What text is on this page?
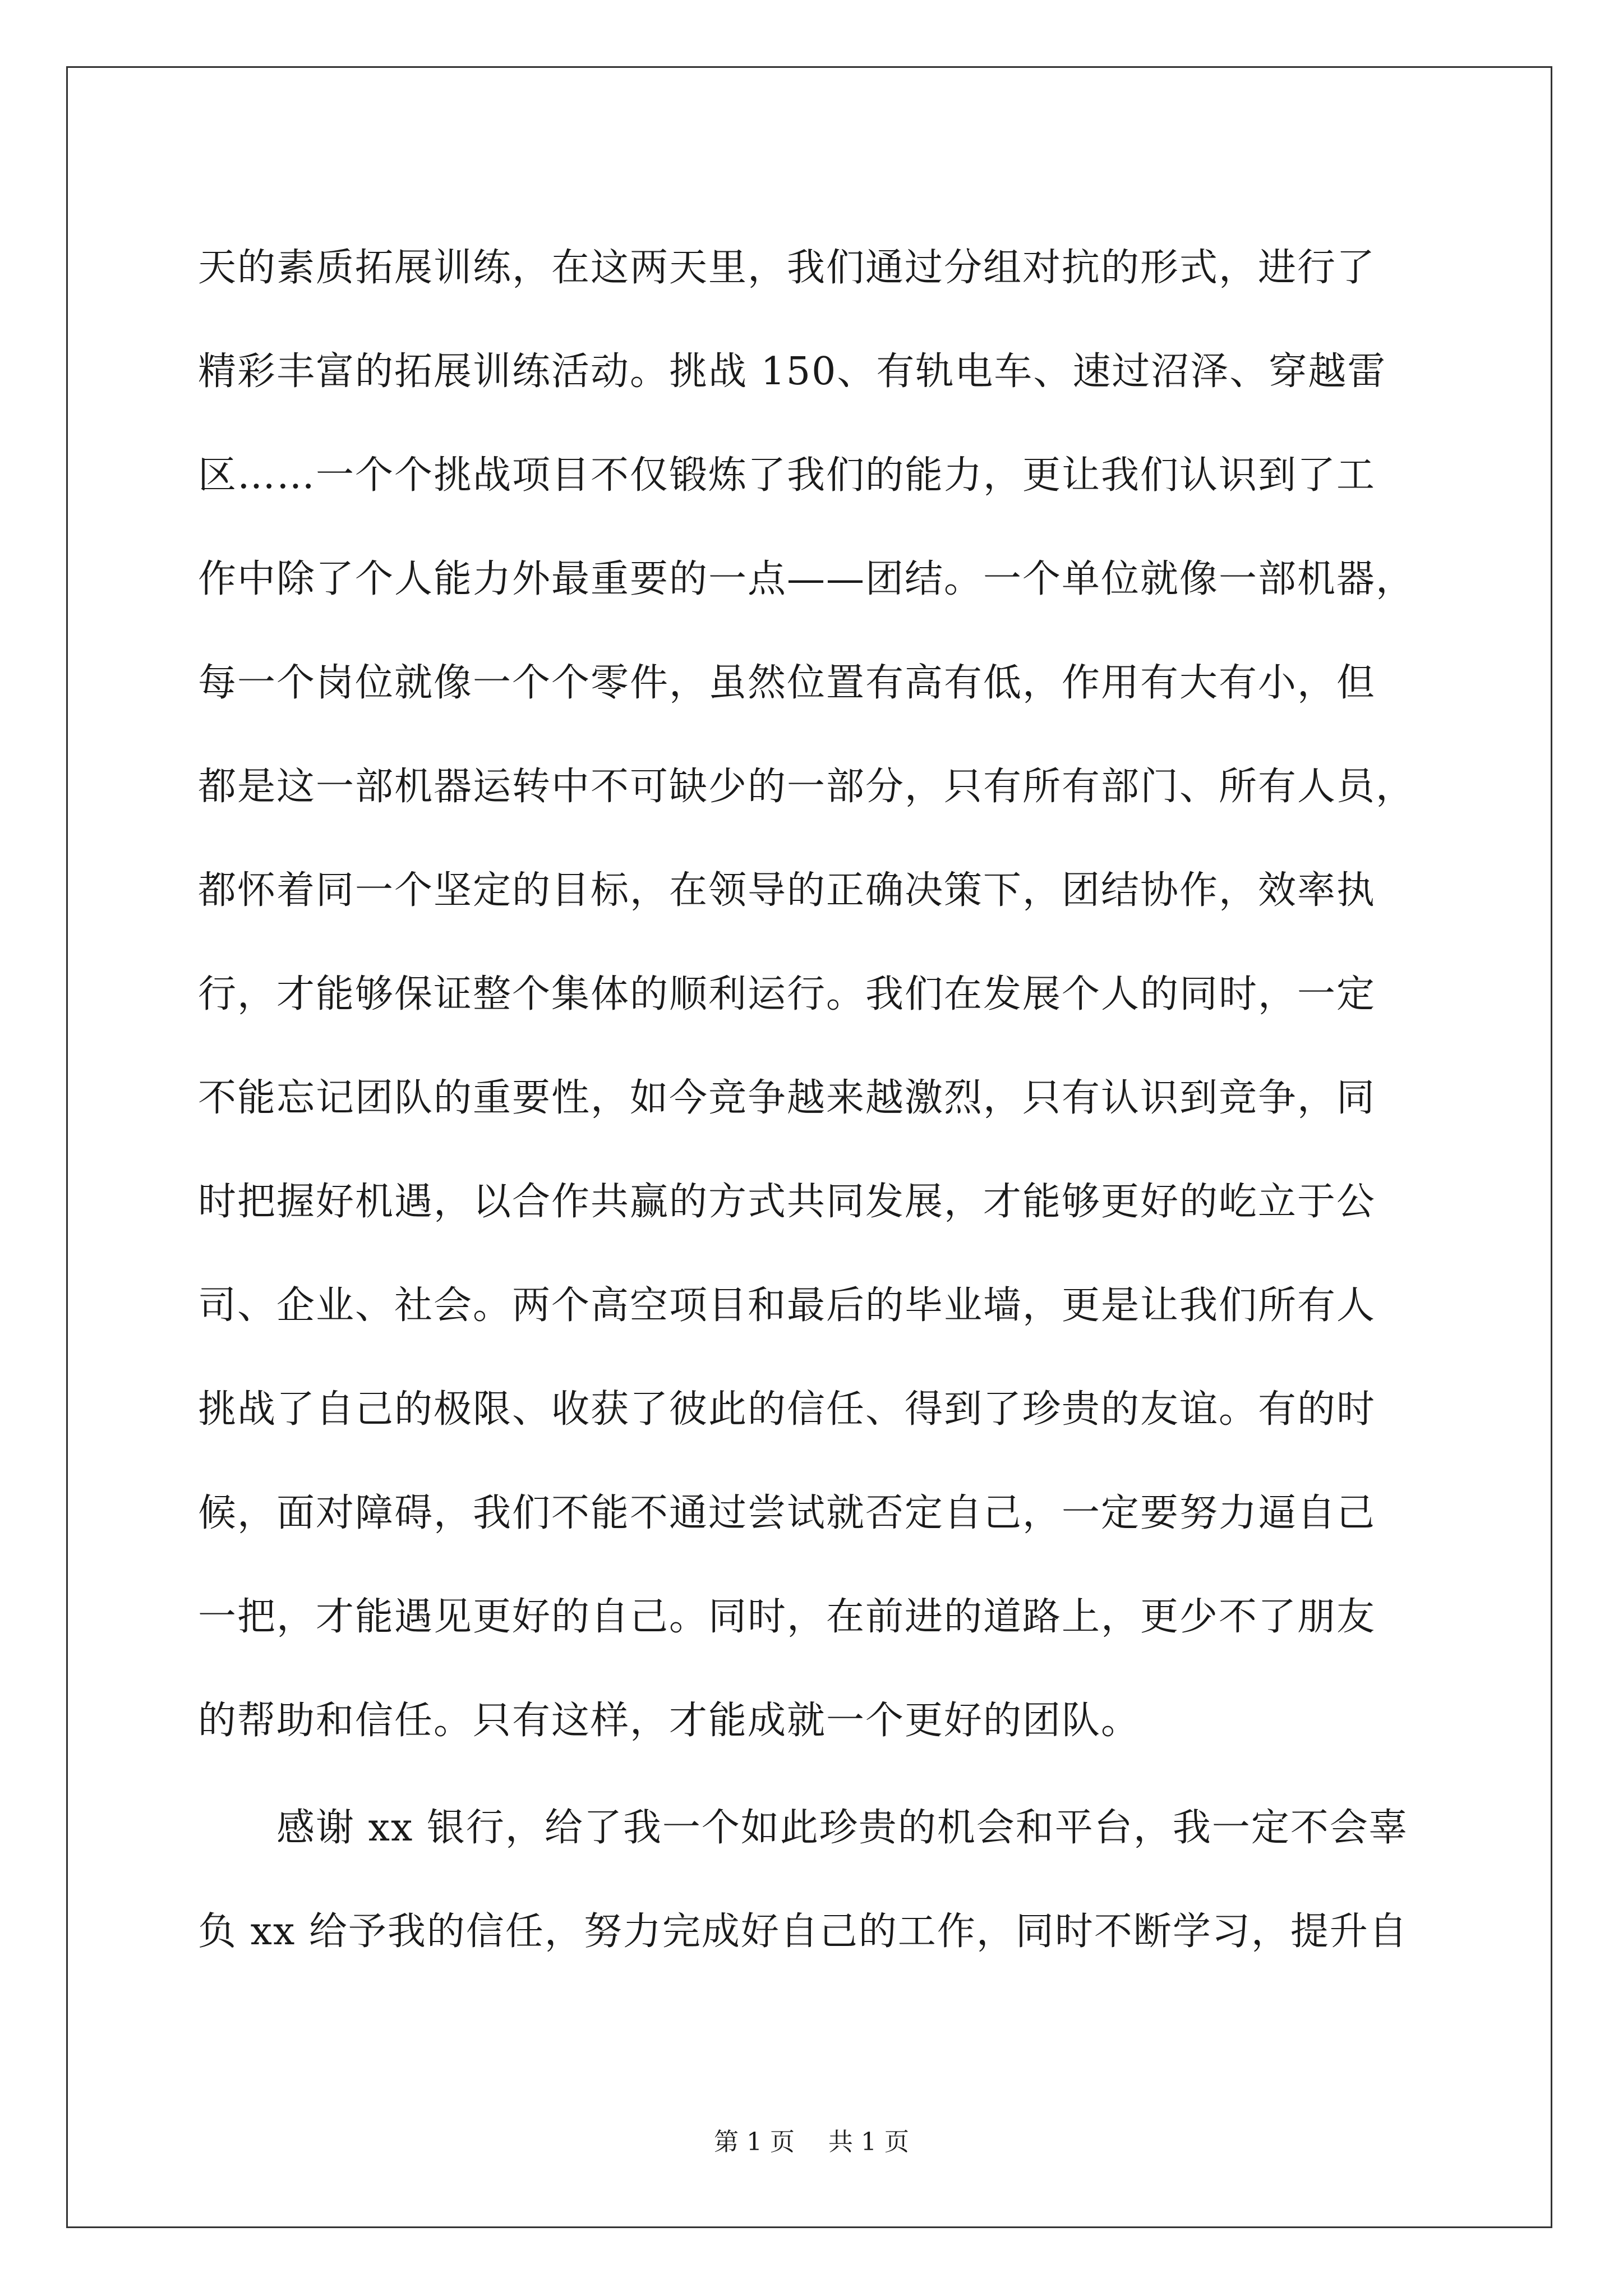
天的素质拓展训练，在这两天里，我们通过分组对抗的形式，进行了
精彩丰富的拓展训练活动。挑战 150、有轨电车、速过沼泽、穿越雷
区……一个个挑战项目不仅锻炼了我们的能力，更让我们认识到了工
作中除了个人能力外最重要的一点——团结。一个单位就像一部机器，
每一个岗位就像一个个零件，虽然位置有高有低，作用有大有小，但
都是这一部机器运转中不可缺少的一部分，只有所有部门、所有人员，
都怀着同一个坚定的目标，在领导的正确决策下，团结协作，效率执
行，才能够保证整个集体的顺利运行。我们在发展个人的同时，一定
不能忘记团队的重要性，如今竞争越来越激烈，只有认识到竞争，同
时把握好机遇，以合作共赢的方式共同发展，才能够更好的屹立于公
司、企业、社会。两个高空项目和最后的毕业墙，更是让我们所有人
挑战了自己的极限、收获了彼此的信任、得到了珍贵的友谊。有的时
候，面对障碍，我们不能不通过尝试就否定自己，一定要努力逼自己
一把，才能遇见更好的自己。同时，在前进的道路上，更少不了朋友
的帮助和信任。只有这样，才能成就一个更好的团队。
感谢 xx 银行，给了我一个如此珍贵的机会和平台，我一定不会辜
负 xx 给予我的信任，努力完成好自己的工作，同时不断学习，提升自
第 1 页 共 1 页
